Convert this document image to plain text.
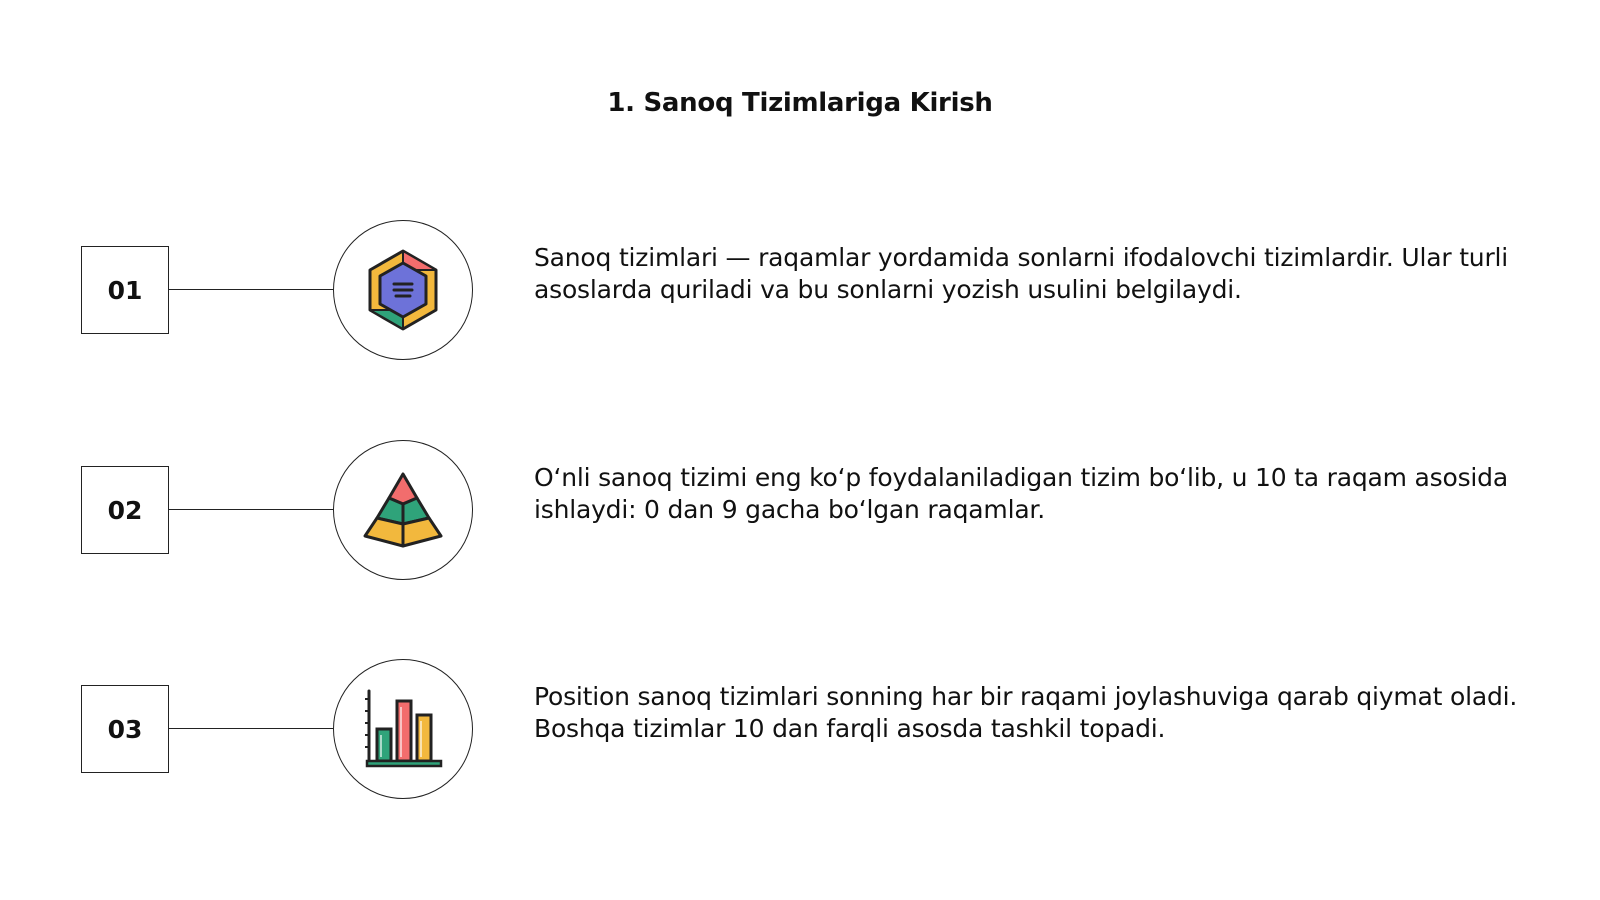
1. Sanoq Tizimlariga Kirish
01
Sanoq tizimlari — raqamlar yordamida sonlarni ifodalovchi tizimlardir. Ular turli asoslarda quriladi va bu sonlarni yozish usulini belgilaydi.
02
O‘nli sanoq tizimi eng ko‘p foydalaniladigan tizim bo‘lib, u 10 ta raqam asosida ishlaydi: 0 dan 9 gacha bo‘lgan raqamlar.
03
Position sanoq tizimlari sonning har bir raqami joylashuviga qarab qiymat oladi. Boshqa tizimlar 10 dan farqli asosda tashkil topadi.
